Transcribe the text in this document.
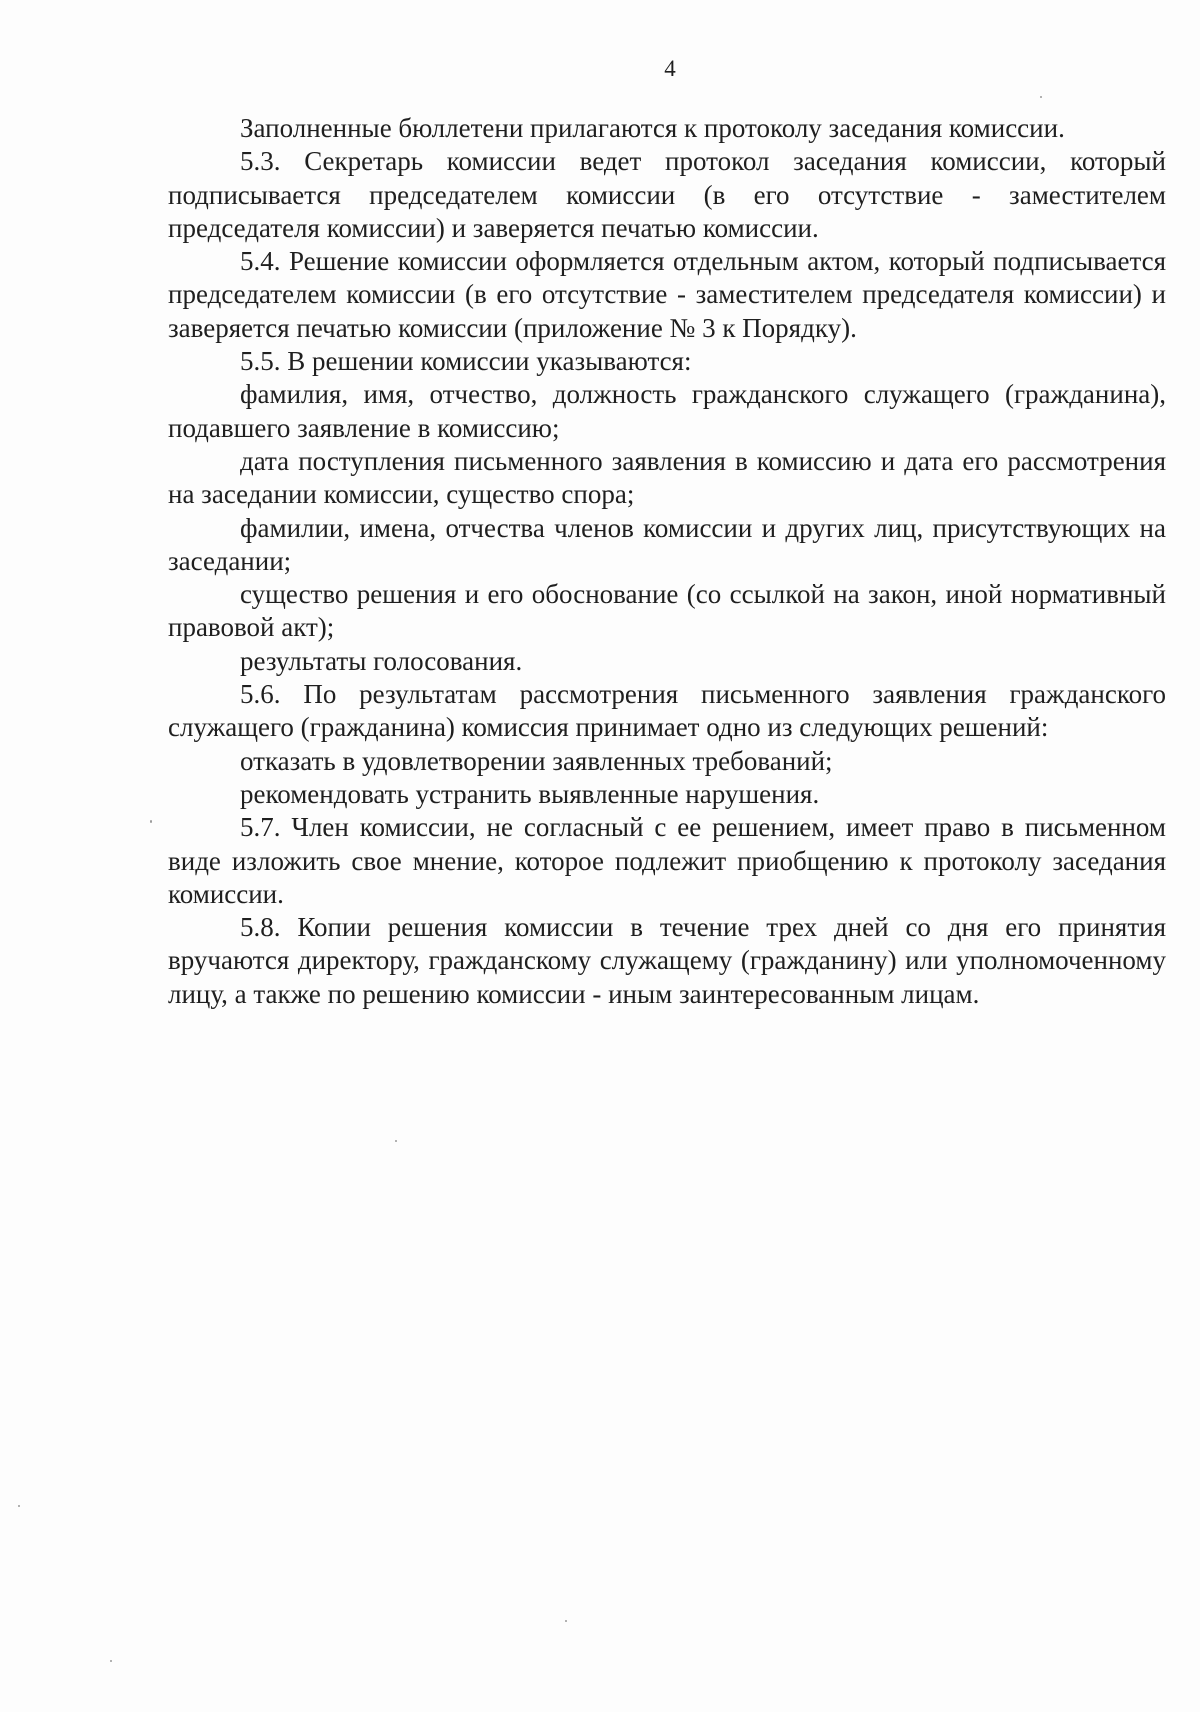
4

Заполненные бюллетени прилагаются к протоколу заседания комиссии.

5.3. Секретарь комиссии ведет протокол заседания комиссии, который подписывается председателем комиссии (в его отсутствие - заместителем председателя комиссии) и заверяется печатью комиссии.

5.4. Решение комиссии оформляется отдельным актом, который подписывается председателем комиссии (в его отсутствие - заместителем председателя комиссии) и заверяется печатью комиссии (приложение № 3 к Порядку).

5.5. В решении комиссии указываются:

фамилия, имя, отчество, должность гражданского служащего (гражданина), подавшего заявление в комиссию;

дата поступления письменного заявления в комиссию и дата его рассмотрения на заседании комиссии, существо спора;

фамилии, имена, отчества членов комиссии и других лиц, присутствующих на заседании;

существо решения и его обоснование (со ссылкой на закон, иной нормативный правовой акт);

результаты голосования.

5.6. По результатам рассмотрения письменного заявления гражданского служащего (гражданина) комиссия принимает одно из следующих решений:

отказать в удовлетворении заявленных требований;

рекомендовать устранить выявленные нарушения.

5.7. Член комиссии, не согласный с ее решением, имеет право в письменном виде изложить свое мнение, которое подлежит приобщению к протоколу заседания комиссии.

5.8. Копии решения комиссии в течение трех дней со дня его принятия вручаются директору, гражданскому служащему (гражданину) или уполномоченному лицу, а также по решению комиссии - иным заинтересованным лицам.
